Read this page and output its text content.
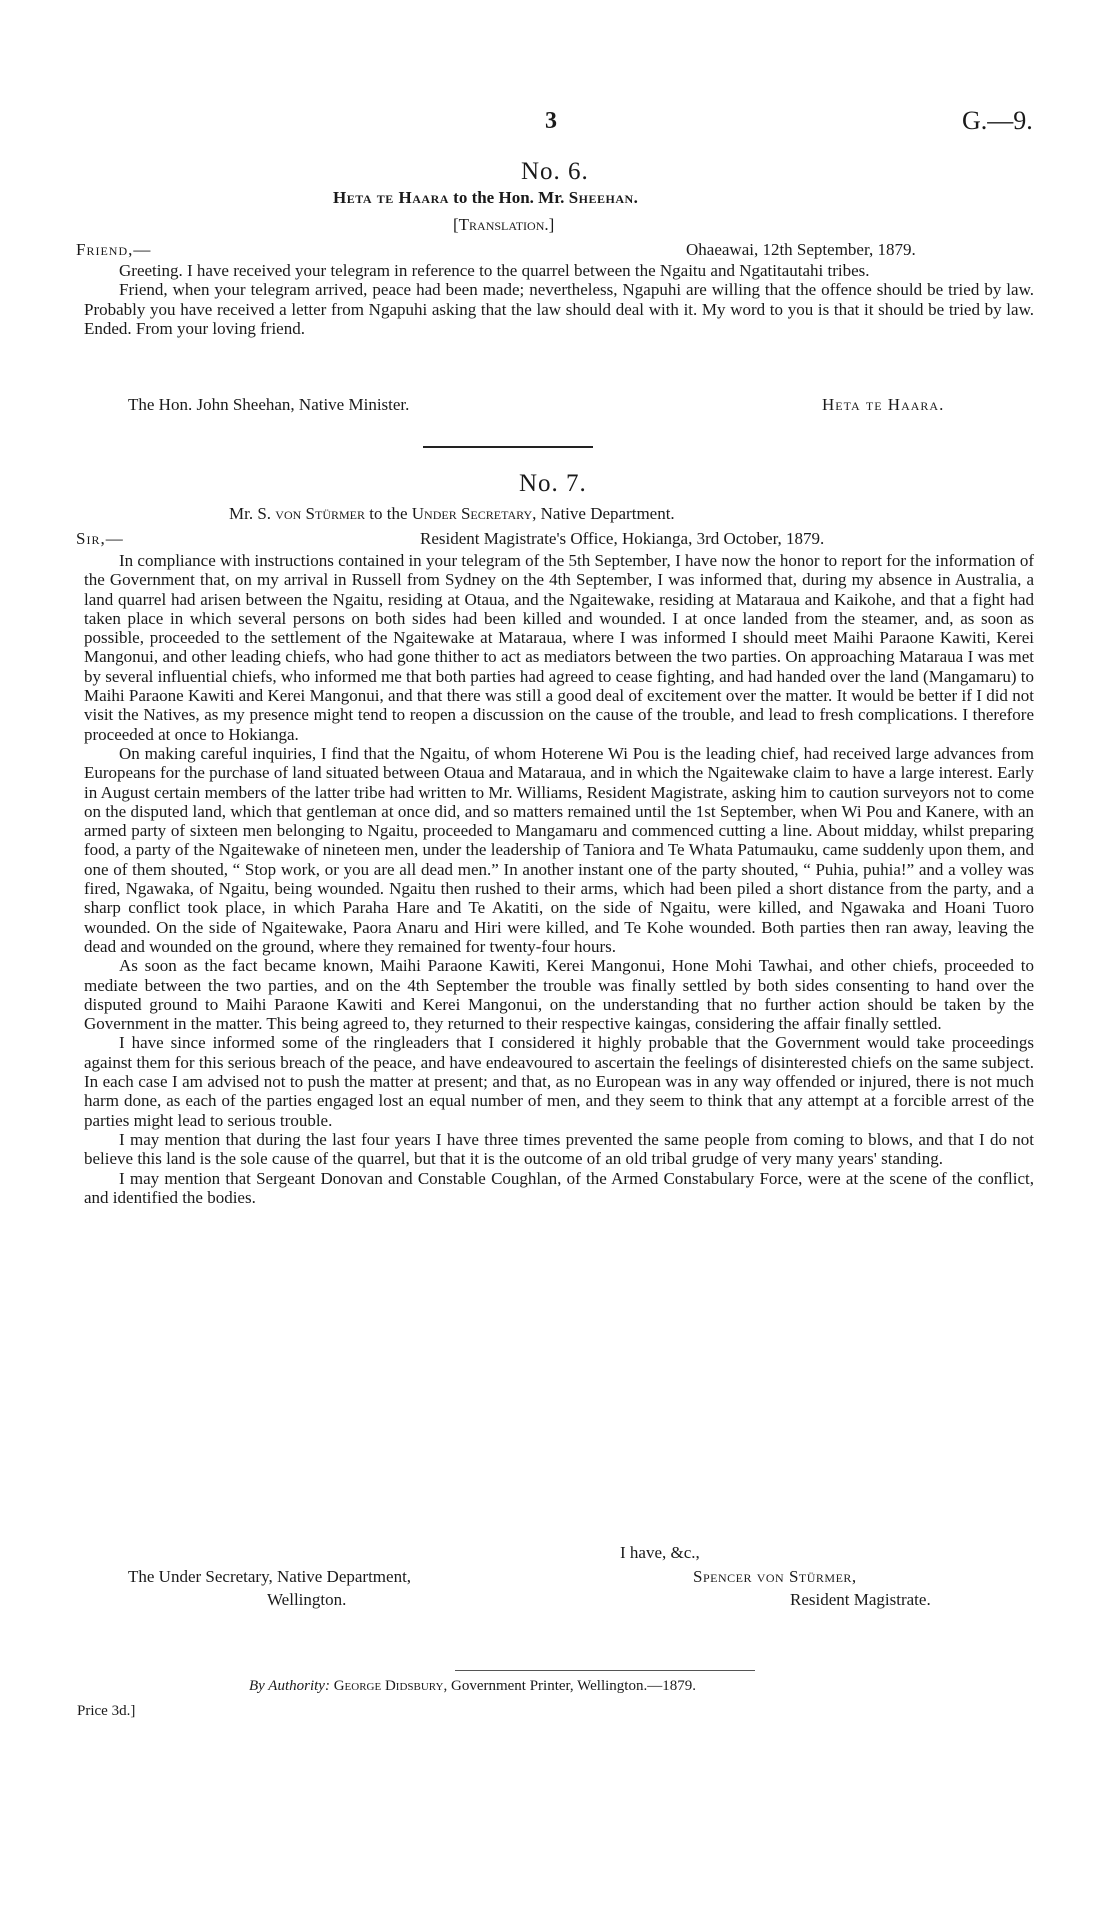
3	G.—9.
No. 6.
Heta te Haara to the Hon. Mr. Sheehan.
[Translation.]
Friend,—	Ohaeawai, 12th September, 1879.

Greeting. I have received your telegram in reference to the quarrel between the Ngaitu and Ngatitautahi tribes.

Friend, when your telegram arrived, peace had been made; nevertheless, Ngapuhi are willing that the offence should be tried by law. Probably you have received a letter from Ngapuhi asking that the law should deal with it. My word to you is that it should be tried by law. Ended. From your loving friend.

The Hon. John Sheehan, Native Minister.	Heta te Haara.
No. 7.
Mr. S. von Stürmer to the Under Secretary, Native Department.
Sir,—	Resident Magistrate's Office, Hokianga, 3rd October, 1879.

In compliance with instructions contained in your telegram of the 5th September, I have now the honor to report for the information of the Government that, on my arrival in Russell from Sydney on the 4th September, I was informed that, during my absence in Australia, a land quarrel had arisen between the Ngaitu, residing at Otaua, and the Ngaitewake, residing at Mataraua and Kaikohe, and that a fight had taken place in which several persons on both sides had been killed and wounded. I at once landed from the steamer, and, as soon as possible, proceeded to the settlement of the Ngaitewake at Mataraua, where I was informed I should meet Maihi Paraone Kawiti, Kerei Mangonui, and other leading chiefs, who had gone thither to act as mediators between the two parties. On approaching Mataraua I was met by several influential chiefs, who informed me that both parties had agreed to cease fighting, and had handed over the land (Mangamaru) to Maihi Paraone Kawiti and Kerei Mangonui, and that there was still a good deal of excitement over the matter. It would be better if I did not visit the Natives, as my presence might tend to reopen a discussion on the cause of the trouble, and lead to fresh complications. I therefore proceeded at once to Hokianga.

On making careful inquiries, I find that the Ngaitu, of whom Hoterene Wi Pou is the leading chief, had received large advances from Europeans for the purchase of land situated between Otaua and Mataraua, and in which the Ngaitewake claim to have a large interest. Early in August certain members of the latter tribe had written to Mr. Williams, Resident Magistrate, asking him to caution surveyors not to come on the disputed land, which that gentleman at once did, and so matters remained until the 1st September, when Wi Pou and Kanere, with an armed party of sixteen men belonging to Ngaitu, proceeded to Mangamaru and commenced cutting a line. About midday, whilst preparing food, a party of the Ngaitewake of nineteen men, under the leadership of Taniora and Te Whata Patumauku, came suddenly upon them, and one of them shouted, “ Stop work, or you are all dead men.” In another instant one of the party shouted, “ Puhia, puhia!” and a volley was fired, Ngawaka, of Ngaitu, being wounded. Ngaitu then rushed to their arms, which had been piled a short distance from the party, and a sharp conflict took place, in which Paraha Hare and Te Akatiti, on the side of Ngaitu, were killed, and Ngawaka and Hoani Tuoro wounded. On the side of Ngaitewake, Paora Anaru and Hiri were killed, and Te Kohe wounded. Both parties then ran away, leaving the dead and wounded on the ground, where they remained for twenty-four hours.

As soon as the fact became known, Maihi Paraone Kawiti, Kerei Mangonui, Hone Mohi Tawhai, and other chiefs, proceeded to mediate between the two parties, and on the 4th September the trouble was finally settled by both sides consenting to hand over the disputed ground to Maihi Paraone Kawiti and Kerei Mangonui, on the understanding that no further action should be taken by the Government in the matter. This being agreed to, they returned to their respective kaingas, considering the affair finally settled.

I have since informed some of the ringleaders that I considered it highly probable that the Government would take proceedings against them for this serious breach of the peace, and have endeavoured to ascertain the feelings of disinterested chiefs on the same subject. In each case I am advised not to push the matter at present; and that, as no European was in any way offended or injured, there is not much harm done, as each of the parties engaged lost an equal number of men, and they seem to think that any attempt at a forcible arrest of the parties might lead to serious trouble.

I may mention that during the last four years I have three times prevented the same people from coming to blows, and that I do not believe this land is the sole cause of the quarrel, but that it is the outcome of an old tribal grudge of very many years' standing.

I may mention that Sergeant Donovan and Constable Coughlan, of the Armed Constabulary Force, were at the scene of the conflict, and identified the bodies.

I have, &c.,
The Under Secretary, Native Department,
Wellington.
Spencer von Stürmer,
Resident Magistrate.
By Authority: George Didsbury, Government Printer, Wellington.—1879.
Price 3d.]
